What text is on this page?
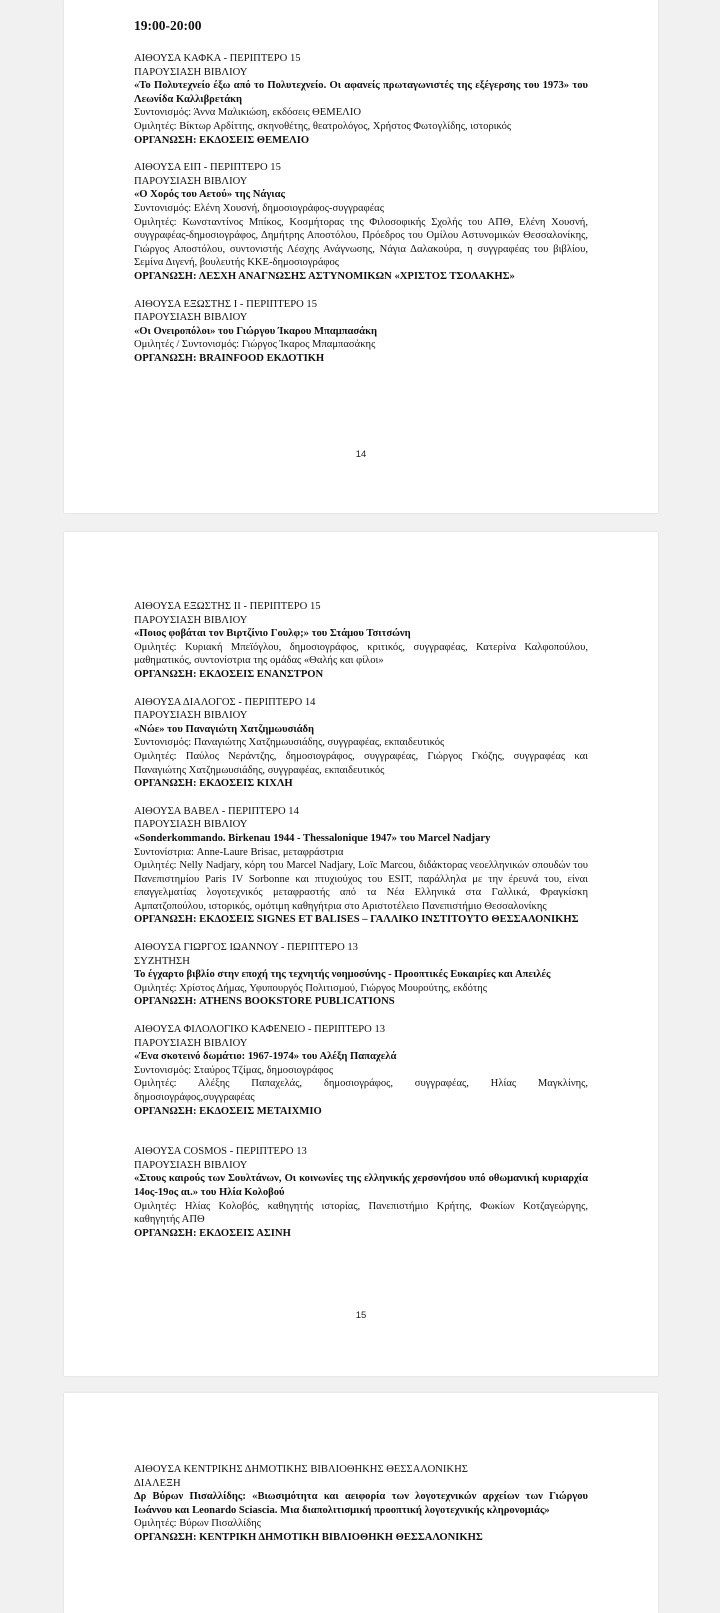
19:00-20:00
ΑΙΘΟΥΣΑ ΚΑΦΚΑ - ΠΕΡΙΠΤΕΡΟ 15
ΠΑΡΟΥΣΙΑΣΗ ΒΙΒΛΙΟΥ
«Το Πολυτεχνείο έξω από το Πολυτεχνείο. Οι αφανείς πρωταγωνιστές της εξέγερσης του 1973» του Λεωνίδα Καλλιβρετάκη
Συντονισμός: Άννα Μαλικιώση, εκδόσεις ΘΕΜΕΛΙΟ
Ομιλητές: Βίκτωρ Αρδίττης, σκηνοθέτης, θεατρολόγος, Χρήστος Φωτογλίδης, ιστορικός
ΟΡΓΑΝΩΣΗ: ΕΚΔΟΣΕΙΣ ΘΕΜΕΛΙΟ
ΑΙΘΟΥΣΑ ΕΙΠ - ΠΕΡΙΠΤΕΡΟ 15
ΠΑΡΟΥΣΙΑΣΗ ΒΙΒΛΙΟΥ
«Ο Χορός του Αετού» της Νάγιας
Συντονισμός: Ελένη Χουσνή, δημοσιογράφος-συγγραφέας
Ομιλητές: Κωνσταντίνος Μπίκος, Κοσμήτορας της Φιλοσοφικής Σχολής του ΑΠΘ, Ελένη Χουσνή, συγγραφέας-δημοσιογράφος, Δημήτρης Αποστόλου, Πρόεδρος του Ομίλου Αστυνομικών Θεσσαλονίκης, Γιώργος Αποστόλου, συντονιστής Λέσχης Ανάγνωσης, Νάγια Δαλακούρα, η συγγραφέας του βιβλίου, Σεμίνα Διγενή, βουλευτής ΚΚΕ-δημοσιογράφος
ΟΡΓΑΝΩΣΗ: ΛΕΣΧΗ ΑΝΑΓΝΩΣΗΣ ΑΣΤΥΝΟΜΙΚΩΝ «ΧΡΙΣΤΟΣ ΤΣΟΛΑΚΗΣ»
ΑΙΘΟΥΣΑ ΕΞΩΣΤΗΣ Ι - ΠΕΡΙΠΤΕΡΟ 15
ΠΑΡΟΥΣΙΑΣΗ ΒΙΒΛΙΟΥ
«Οι Ονειροπόλοι» του Γιώργου Ίκαρου Μπαμπασάκη
Ομιλητές / Συντονισμός: Γιώργος Ίκαρος Μπαμπασάκης
ΟΡΓΑΝΩΣΗ: BRAINFOOD ΕΚΔΟΤΙΚΗ
14
ΑΙΘΟΥΣΑ ΕΞΩΣΤΗΣ ΙΙ - ΠΕΡΙΠΤΕΡΟ 15
ΠΑΡΟΥΣΙΑΣΗ ΒΙΒΛΙΟΥ
«Ποιος φοβάται τον Βιρτζίνιο Γουλφ;» του Στάμου Τσιτσώνη
Ομιλητές: Κυριακή Μπεϊόγλου, δημοσιογράφος, κριτικός, συγγραφέας, Κατερίνα Καλφοπούλου, μαθηματικός, συντονίστρια της ομάδας «Θαλής και φίλοι»
ΟΡΓΑΝΩΣΗ: ΕΚΔΟΣΕΙΣ ΕΝΑΝΣΤΡΟΝ
ΑΙΘΟΥΣΑ ΔΙΑΛΟΓΟΣ - ΠΕΡΙΠΤΕΡΟ 14
ΠΑΡΟΥΣΙΑΣΗ ΒΙΒΛΙΟΥ
«Νώε» του Παναγιώτη Χατζημωυσιάδη
Συντονισμός: Παναγιώτης Χατζημωυσιάδης, συγγραφέας, εκπαιδευτικός
Ομιλητές: Παύλος Νεράντζης, δημοσιογράφος, συγγραφέας, Γιώργος Γκόζης, συγγραφέας και Παναγιώτης Χατζημωυσιάδης, συγγραφέας, εκπαιδευτικός
ΟΡΓΑΝΩΣΗ: ΕΚΔΟΣΕΙΣ ΚΙΧΛΗ
ΑΙΘΟΥΣΑ ΒΑΒΕΛ - ΠΕΡΙΠΤΕΡΟ 14
ΠΑΡΟΥΣΙΑΣΗ ΒΙΒΛΙΟΥ
«Sonderkommando. Birkenau 1944 - Thessalonique 1947» του Marcel Nadjary
Συντονίστρια: Anne-Laure Brisac, μεταφράστρια
Ομιλητές: Nelly Nadjary, κόρη του Marcel Nadjary, Loïc Marcou, διδάκτορας νεοελληνικών σπουδών του Πανεπιστημίου Paris IV Sorbonne και πτυχιούχος του ESIT, παράλληλα με την έρευνά του, είναι επαγγελματίας λογοτεχνικός μεταφραστής από τα Νέα Ελληνικά στα Γαλλικά, Φραγκίσκη Αμπατζοπούλου, ιστορικός, ομότιμη καθηγήτρια στο Αριστοτέλειο Πανεπιστήμιο Θεσσαλονίκης
ΟΡΓΑΝΩΣΗ: ΕΚΔΟΣΕΙΣ SIGNES ET BALISES – ΓΑΛΛΙΚΟ ΙΝΣΤΙΤΟΥΤΟ ΘΕΣΣΑΛΟΝΙΚΗΣ
ΑΙΘΟΥΣΑ ΓΙΩΡΓΟΣ ΙΩΑΝΝΟΥ - ΠΕΡΙΠΤΕΡΟ 13
ΣΥΖΗΤΗΣΗ
Το έγχαρτο βιβλίο στην εποχή της τεχνητής νοημοσύνης - Προοπτικές Ευκαιρίες και Απειλές
Ομιλητές: Χρίστος Δήμας, Υφυπουργός Πολιτισμού, Γιώργος Μουρούτης, εκδότης
ΟΡΓΑΝΩΣΗ: ATHENS BOOKSTORE PUBLICATIONS
ΑΙΘΟΥΣΑ ΦΙΛΟΛΟΓΙΚΟ ΚΑΦΕΝΕΙΟ - ΠΕΡΙΠΤΕΡΟ 13
ΠΑΡΟΥΣΙΑΣΗ ΒΙΒΛΙΟΥ
«Ένα σκοτεινό δωμάτιο: 1967-1974» του Αλέξη Παπαχελά
Συντονισμός: Σταύρος Τζίμας, δημοσιογράφος
Ομιλητές: Αλέξης Παπαχελάς, δημοσιογράφος, συγγραφέας, Ηλίας Μαγκλίνης, δημοσιογράφος,συγγραφέας
ΟΡΓΑΝΩΣΗ: ΕΚΔΟΣΕΙΣ ΜΕΤΑΙΧΜΙΟ
ΑΙΘΟΥΣΑ COSMOS - ΠΕΡΙΠΤΕΡΟ 13
ΠΑΡΟΥΣΙΑΣΗ ΒΙΒΛΙΟΥ
«Στους καιρούς των Σουλτάνων, Οι κοινωνίες της ελληνικής χερσονήσου υπό οθωμανική κυριαρχία 14ος-19ος αι.» του Ηλία Κολοβού
Ομιλητές: Ηλίας Κολοβός, καθηγητής ιστορίας, Πανεπιστήμιο Κρήτης, Φωκίων Κοτζαγεώργης, καθηγητής ΑΠΘ
ΟΡΓΑΝΩΣΗ: ΕΚΔΟΣΕΙΣ ΑΣΙΝΗ
15
ΑΙΘΟΥΣΑ ΚΕΝΤΡΙΚΗΣ ΔΗΜΟΤΙΚΗΣ ΒΙΒΛΙΟΘΗΚΗΣ ΘΕΣΣΑΛΟΝΙΚΗΣ
ΔΙΑΛΕΞΗ
Δρ Βύρων Πισαλλίδης: «Βιωσιμότητα και αειφορία των λογοτεχνικών αρχείων των Γιώργου Ιωάννου και Leonardo Sciascia. Μια διαπολιτισμική προοπτική λογοτεχνικής κληρονομιάς»
Ομιλητές: Βύρων Πισαλλίδης
ΟΡΓΑΝΩΣΗ: ΚΕΝΤΡΙΚΗ ΔΗΜΟΤΙΚΗ ΒΙΒΛΙΟΘΗΚΗ ΘΕΣΣΑΛΟΝΙΚΗΣ
